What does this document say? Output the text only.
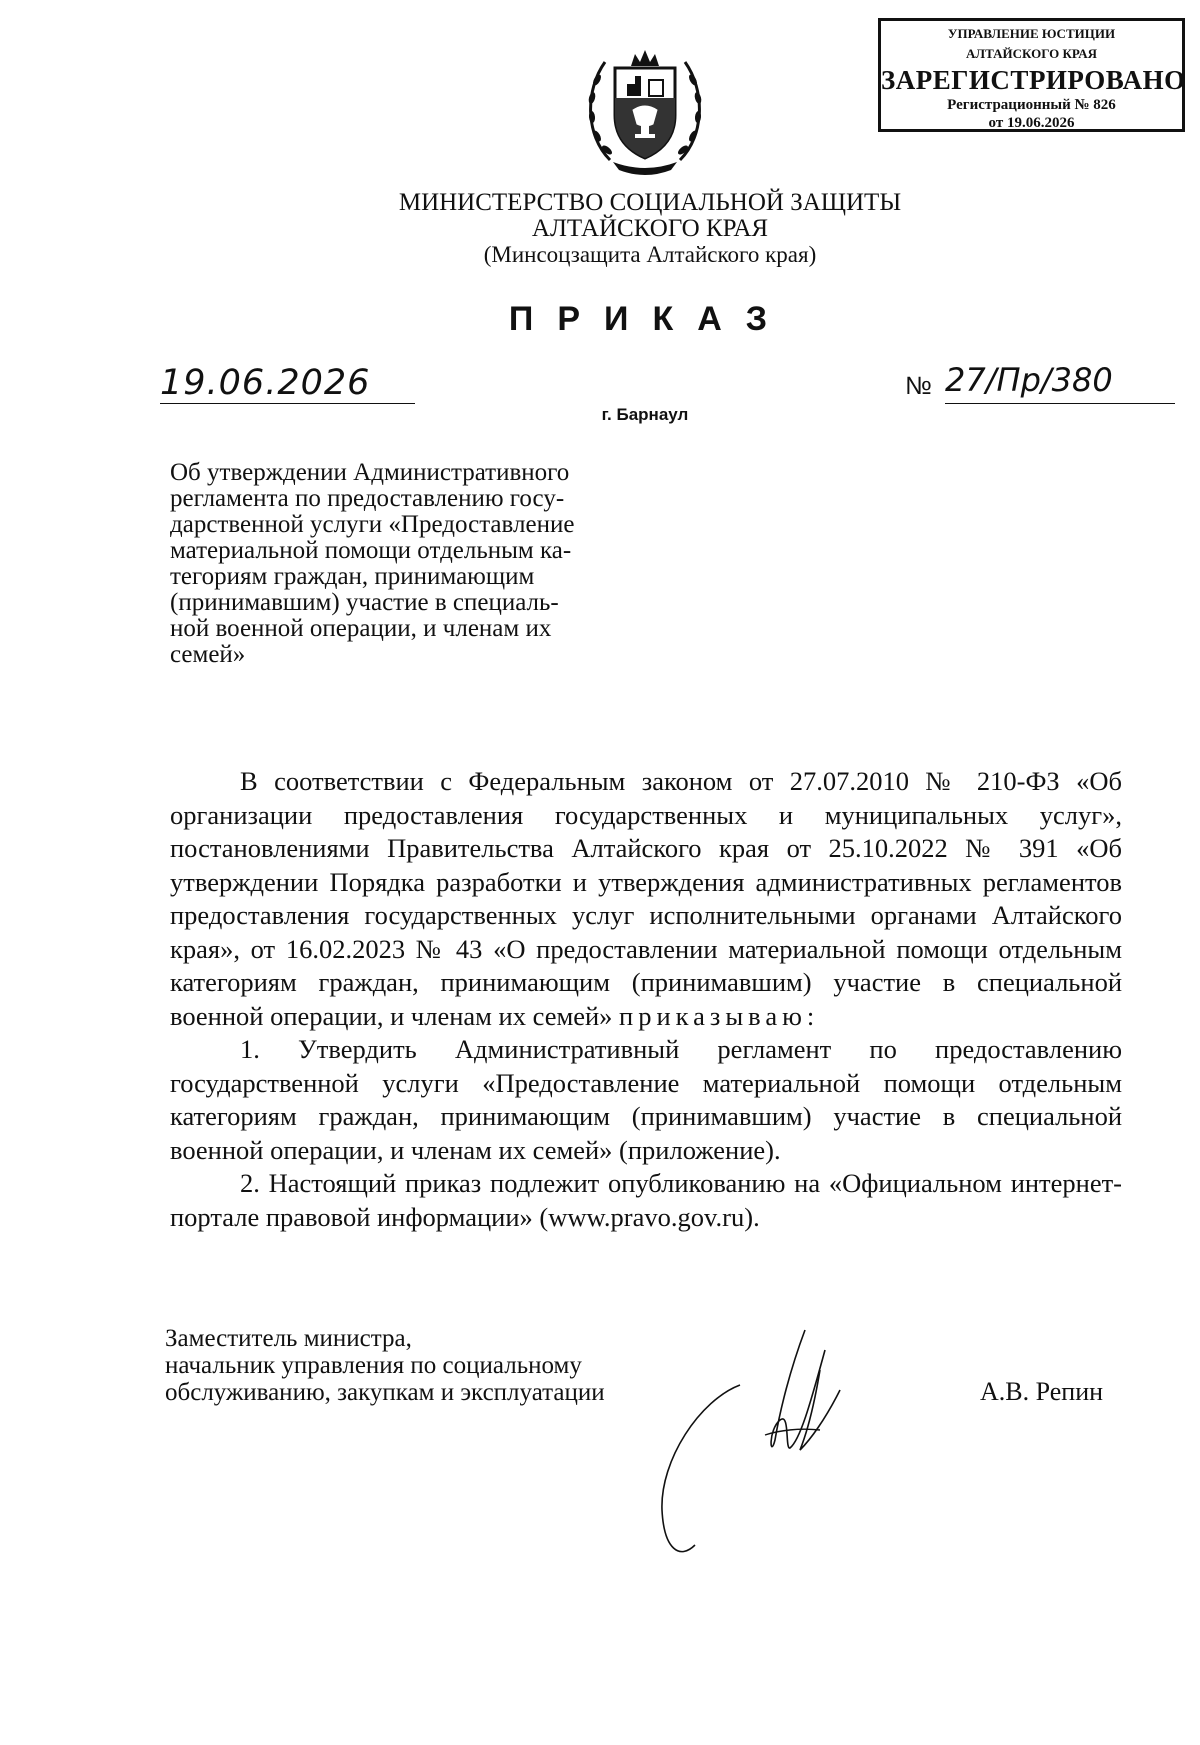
УПРАВЛЕНИЕ ЮСТИЦИИ
АЛТАЙСКОГО КРАЯ
ЗАРЕГИСТРИРОВАНО
Регистрационный № 826
от 19.06.2026
МИНИСТЕРСТВО СОЦИАЛЬНОЙ ЗАЩИТЫ
АЛТАЙСКОГО КРАЯ
(Минсоцзащита Алтайского края)
ПРИКАЗ
19.06.2026	№ 27/Пр/380
г. Барнаул
Об утверждении Административного
регламента по предоставлению госу-
дарственной услуги «Предоставление
материальной помощи отдельным ка-
тегориям граждан, принимающим
(принимавшим) участие в специаль-
ной военной операции, и членам их
семей»

В соответствии с Федеральным законом от 27.07.2010 № 210-ФЗ «Об организации предоставления государственных и муниципальных услуг», постановлениями Правительства Алтайского края от 25.10.2022 № 391 «Об утверждении Порядка разработки и утверждения административных регламентов предоставления государственных услуг исполнительными органами Алтайского края», от 16.02.2023 № 43 «О предоставлении материальной помощи отдельным категориям граждан, принимающим (принимавшим) участие в специальной военной операции, и членам их семей» приказываю:

1. Утвердить Административный регламент по предоставлению государственной услуги «Предоставление материальной помощи отдельным категориям граждан, принимающим (принимавшим) участие в специальной военной операции, и членам их семей» (приложение).

2. Настоящий приказ подлежит опубликованию на «Официальном интернет-портале правовой информации» (www.pravo.gov.ru).

Заместитель министра,
начальник управления по социальному
обслуживанию, закупкам и эксплуатации	А.В. Репин
